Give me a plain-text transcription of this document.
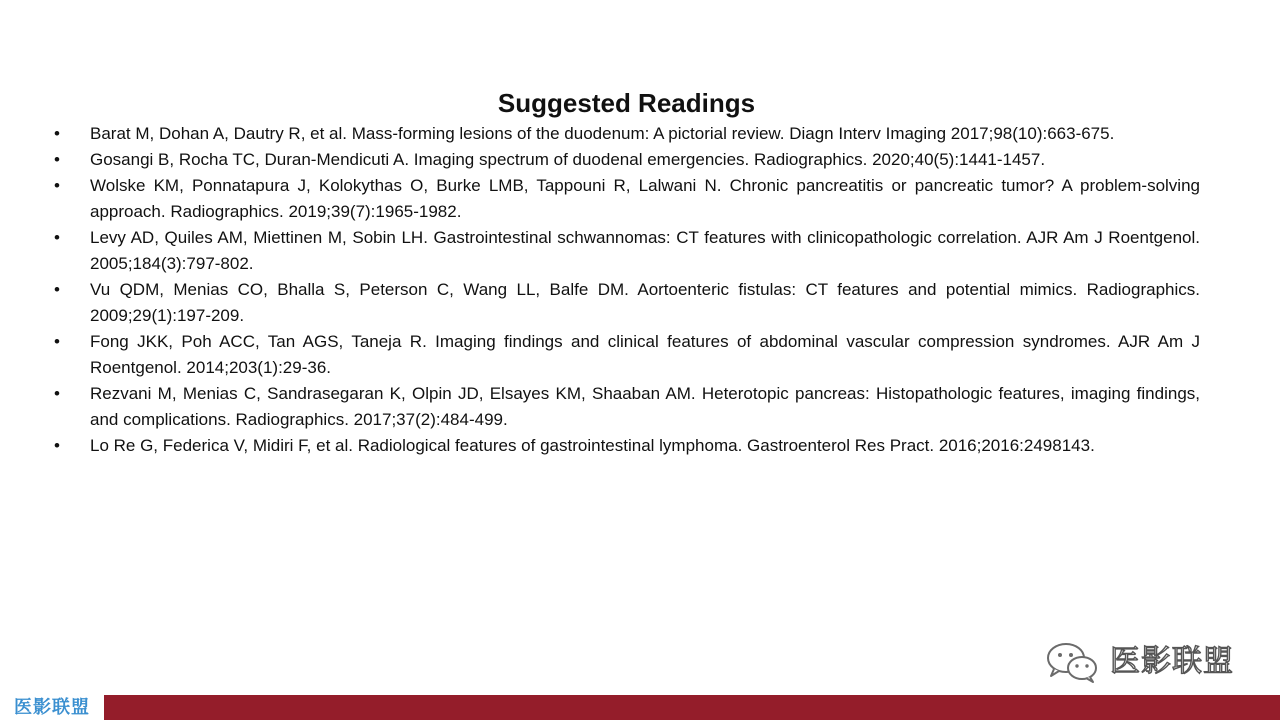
Suggested Readings
• Barat M, Dohan A, Dautry R, et al. Mass-forming lesions of the duodenum: A pictorial review. Diagn Interv Imaging 2017;98(10):663-675.
• Gosangi B, Rocha TC, Duran-Mendicuti A. Imaging spectrum of duodenal emergencies. Radiographics. 2020;40(5):1441-1457.
• Wolske KM, Ponnatapura J, Kolokythas O, Burke LMB, Tappouni R, Lalwani N. Chronic pancreatitis or pancreatic tumor? A problem-solving approach. Radiographics. 2019;39(7):1965-1982.
• Levy AD, Quiles AM, Miettinen M, Sobin LH. Gastrointestinal schwannomas: CT features with clinicopathologic correlation. AJR Am J Roentgenol. 2005;184(3):797-802.
• Vu QDM, Menias CO, Bhalla S, Peterson C, Wang LL, Balfe DM. Aortoenteric fistulas: CT features and potential mimics. Radiographics. 2009;29(1):197-209.
• Fong JKK, Poh ACC, Tan AGS, Taneja R. Imaging findings and clinical features of abdominal vascular compression syndromes. AJR Am J Roentgenol. 2014;203(1):29-36.
• Rezvani M, Menias C, Sandrasegaran K, Olpin JD, Elsayes KM, Shaaban AM. Heterotopic pancreas: Histopathologic features, imaging findings, and complications. Radiographics. 2017;37(2):484-499.
• Lo Re G, Federica V, Midiri F, et al. Radiological features of gastrointestinal lymphoma. Gastroenterol Res Pract. 2016;2016:2498143.
医影联盟
医影联盟
